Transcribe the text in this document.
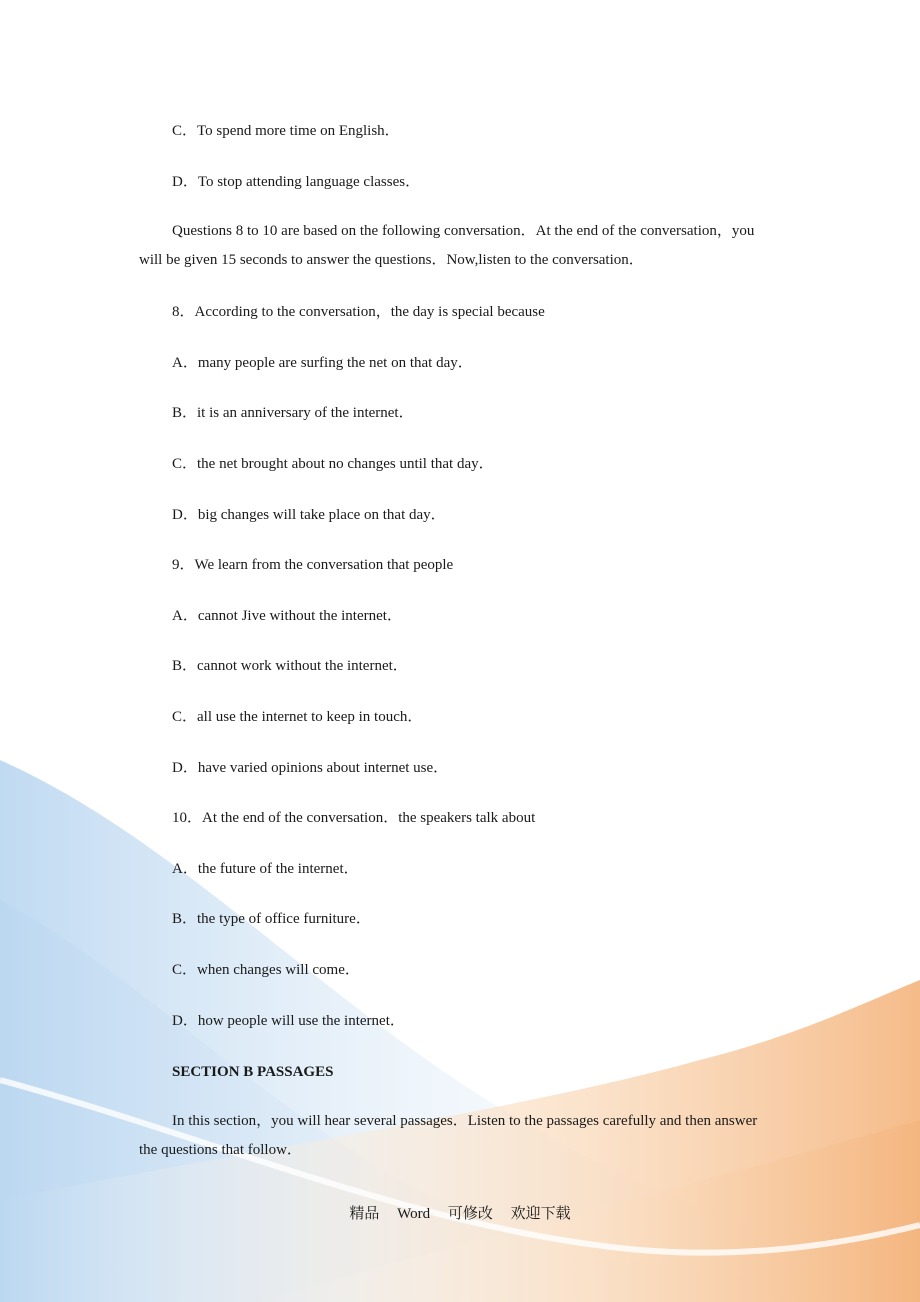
C．To spend more time on English．
D．To stop attending language classes．
Questions 8 to 10 are based on the following conversation．At the end of the conversation，you will be given 15 seconds to answer the questions．Now,listen to the conversation．
8．According to the conversation，the day is special because
A．many people are surfing the net on that day．
B．it is an anniversary of the internet．
C．the net brought about no changes until that day．
D．big changes will take place on that day．
9．We learn from the conversation that people
A．cannot Jive without the internet．
B．cannot work without the internet．
C．all use the internet to keep in touch．
D．have varied opinions about internet use．
10．At the end of the conversation．the speakers talk about
A．the future of the internet．
B．the type of office furniture．
C．when changes will come．
D．how people will use the internet．
SECTION B PASSAGES
In this section，you will hear several passages．Listen to the passages carefully and then answer the questions that follow．
精品 Word 可修改 欢迎下载
